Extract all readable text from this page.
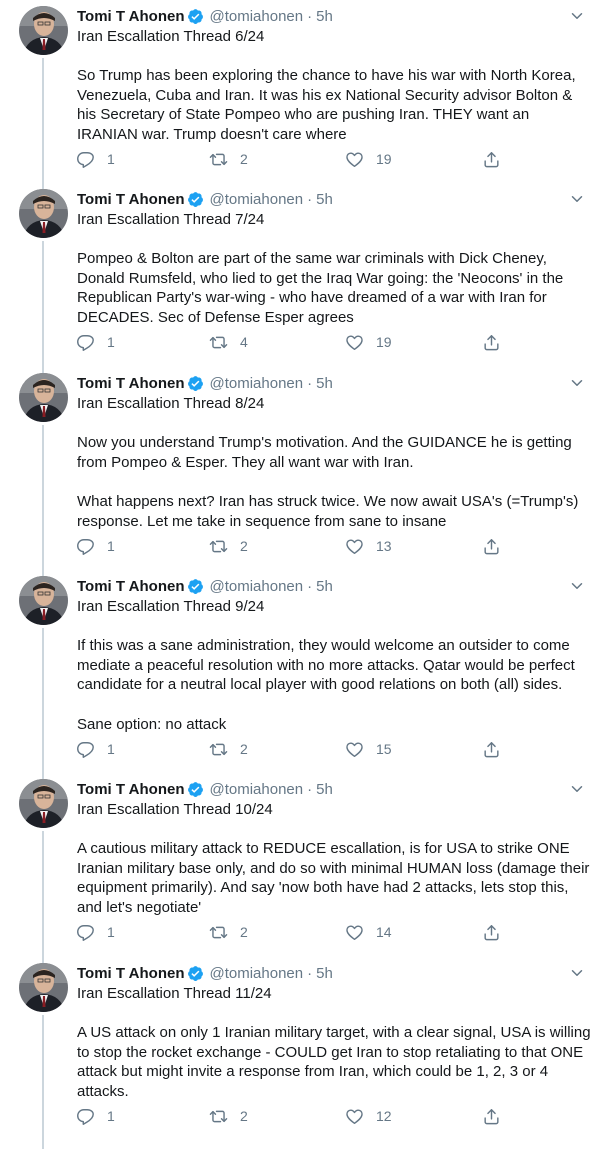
Tomi T Ahonen @tomiahonen · 5h

Iran Escallation Thread 6/24

So Trump has been exploring the chance to have his war with North Korea, Venezuela, Cuba and Iran. It was his ex National Security advisor Bolton & his Secretary of State Pompeo who are pushing Iran. THEY want an IRANIAN war. Trump doesn't care where

1	2	19
Tomi T Ahonen @tomiahonen · 5h

Iran Escallation Thread 7/24

Pompeo & Bolton are part of the same war criminals with Dick Cheney, Donald Rumsfeld, who lied to get the Iraq War going: the 'Neocons' in the Republican Party's war-wing - who have dreamed of a war with Iran for DECADES. Sec of Defense Esper agrees

1	4	19
Tomi T Ahonen @tomiahonen · 5h

Iran Escallation Thread 8/24

Now you understand Trump's motivation. And the GUIDANCE he is getting from Pompeo & Esper. They all want war with Iran.

What happens next? Iran has struck twice. We now await USA's (=Trump's) response. Let me take in sequence from sane to insane

1	2	13
Tomi T Ahonen @tomiahonen · 5h

Iran Escallation Thread 9/24

If this was a sane administration, they would welcome an outsider to come mediate a peaceful resolution with no more attacks. Qatar would be perfect candidate for a neutral local player with good relations on both (all) sides.

Sane option: no attack

1	2	15
Tomi T Ahonen @tomiahonen · 5h

Iran Escallation Thread 10/24

A cautious military attack to REDUCE escallation, is for USA to strike ONE Iranian military base only, and do so with minimal HUMAN loss (damage their equipment primarily). And say 'now both have had 2 attacks, lets stop this, and let's negotiate'

1	2	14
Tomi T Ahonen @tomiahonen · 5h

Iran Escallation Thread 11/24

A US attack on only 1 Iranian military target, with a clear signal, USA is willing to stop the rocket exchange - COULD get Iran to stop retaliating to that ONE attack but might invite a response from Iran, which could be 1, 2, 3 or 4 attacks.

1	2	12
